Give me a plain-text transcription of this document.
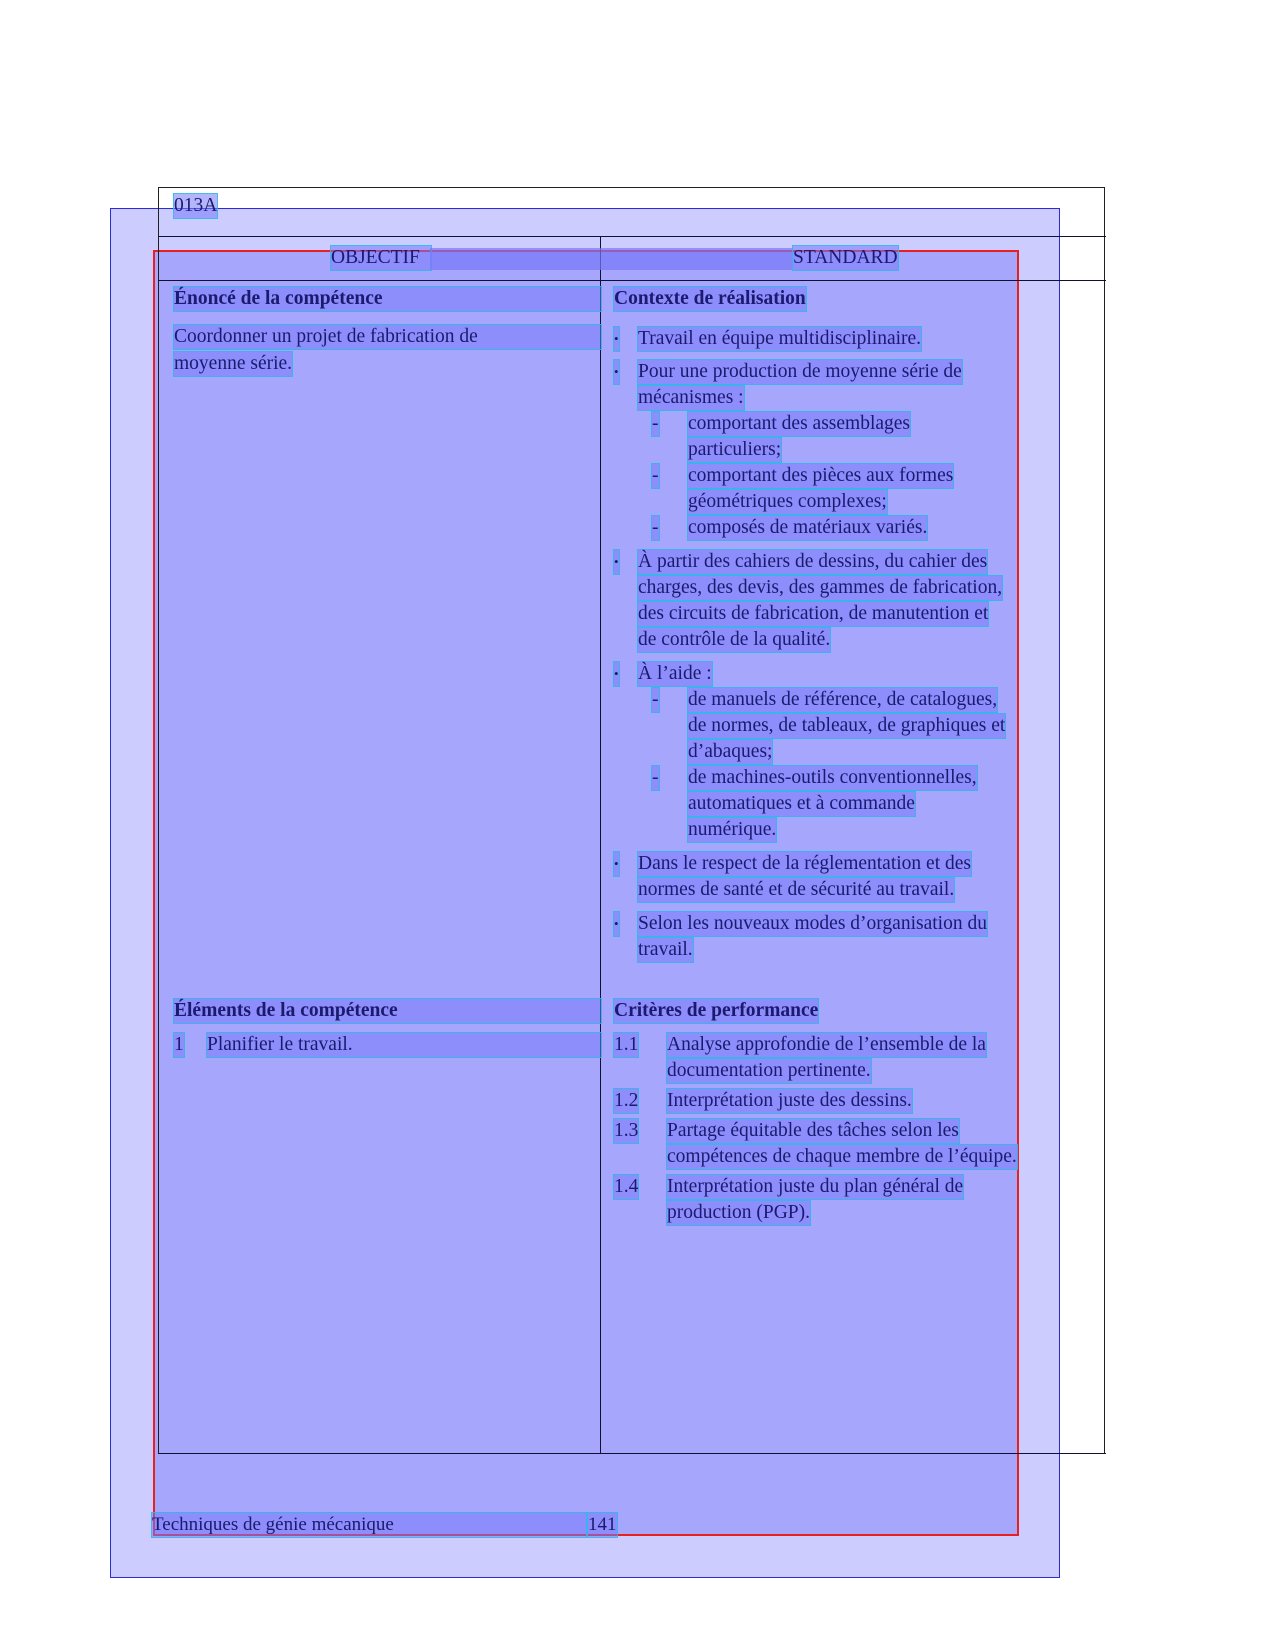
013A
OBJECTIF	STANDARD
Énoncé de la compétence
Coordonner un projet de fabrication de
moyenne série.
Éléments de la compétence
1 Planifier le travail.
Contexte de réalisation
• Travail en équipe multidisciplinaire.
• Pour une production de moyenne série de
mécanismes :
- comportant des assemblages
particuliers;
- comportant des pièces aux formes
géométriques complexes;
- composés de matériaux variés.
• À partir des cahiers de dessins, du cahier des
charges, des devis, des gammes de fabrication,
des circuits de fabrication, de manutention et
de contrôle de la qualité.
• À l’aide :
- de manuels de référence, de catalogues,
de normes, de tableaux, de graphiques et
d’abaques;
- de machines-outils conventionnelles,
automatiques et à commande
numérique.
• Dans le respect de la réglementation et des
normes de santé et de sécurité au travail.
• Selon les nouveaux modes d’organisation du
travail.
Critères de performance
1.1 Analyse approfondie de l’ensemble de la
documentation pertinente.
1.2 Interprétation juste des dessins.
1.3 Partage équitable des tâches selon les
compétences de chaque membre de l’équipe.
1.4 Interprétation juste du plan général de
production (PGP).
Techniques de génie mécanique	141
